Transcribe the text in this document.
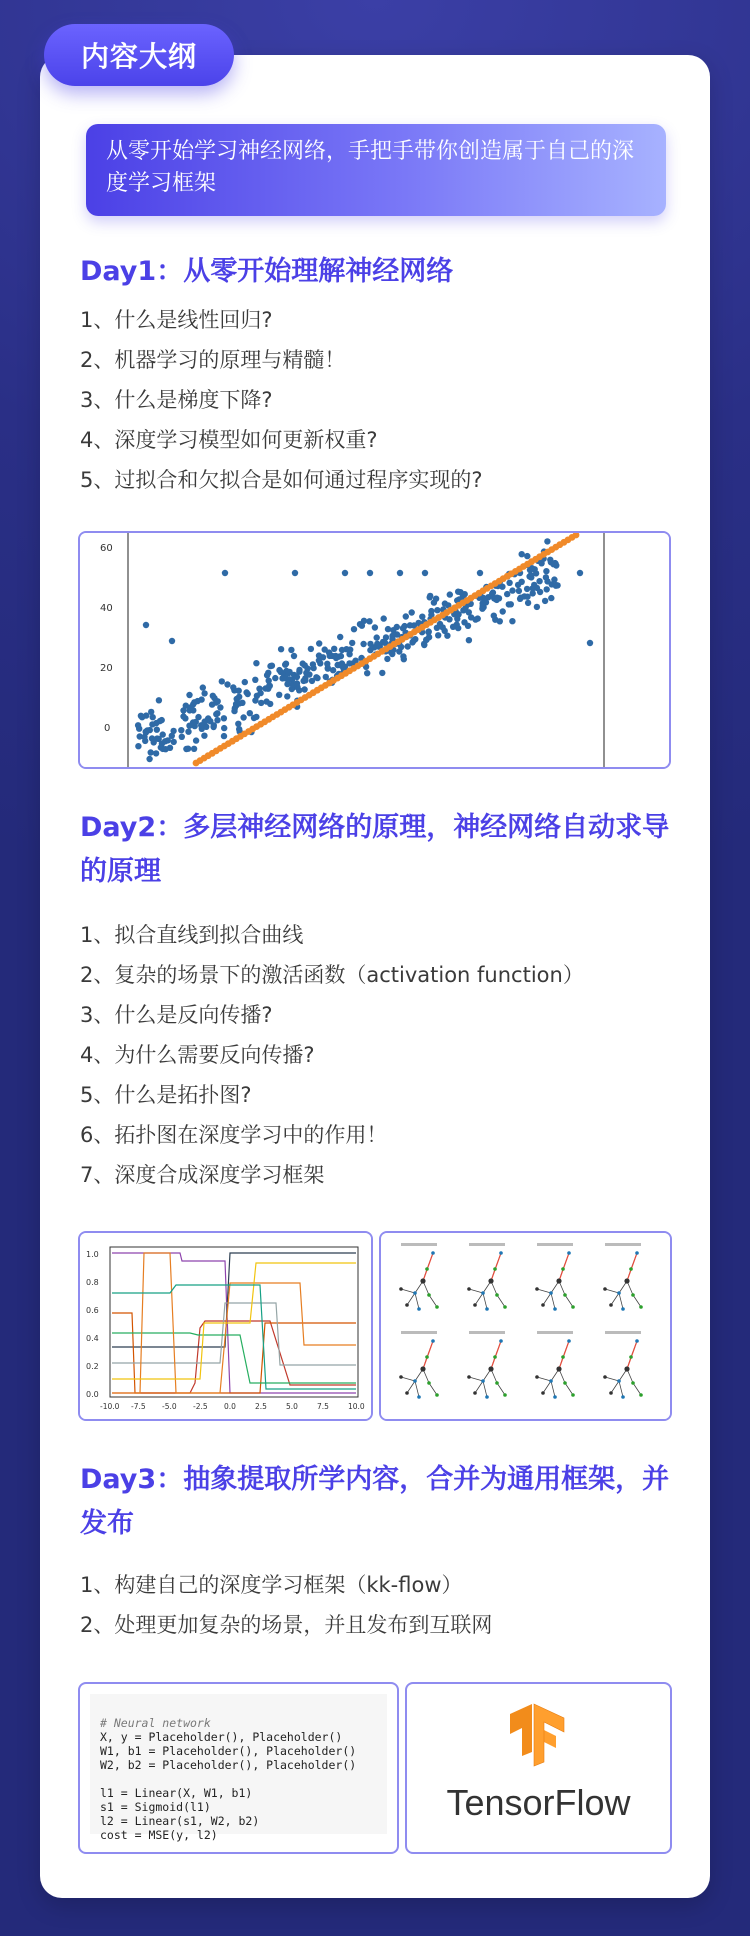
内容大纲
从零开始学习神经网络，手把手带你创造属于自己的深度学习框架
Day1：从零开始理解神经网络
1、什么是线性回归?
2、机器学习的原理与精髓！
3、什么是梯度下降?
4、深度学习模型如何更新权重?
5、过拟合和欠拟合是如何通过程序实现的?
60
40
20
0
Day2：多层神经网络的原理，神经网络自动求导的原理
1、拟合直线到拟合曲线
2、复杂的场景下的激活函数（activation function）
3、什么是反向传播?
4、为什么需要反向传播?
5、什么是拓扑图?
6、拓扑图在深度学习中的作用！
7、深度合成深度学习框架
1.0
0.8
0.6
0.4
0.2
0.0
-10.0 -7.5 -5.0 -2.5 0.0	2.5	5.0	7.5	10.0
Day3：抽象提取所学内容，合并为通用框架，并发布
1、构建自己的深度学习框架（kk-flow）
2、处理更加复杂的场景，并且发布到互联网

# Neural network
X, y = Placeholder(), Placeholder()
W1, b1 = Placeholder(), Placeholder()
W2, b2 = Placeholder(), Placeholder()

l1 = Linear(X, W1, b1)
s1 = Sigmoid(l1)
l2 = Linear(s1, W2, b2)
cost = MSE(y, l2)

TensorFlow
